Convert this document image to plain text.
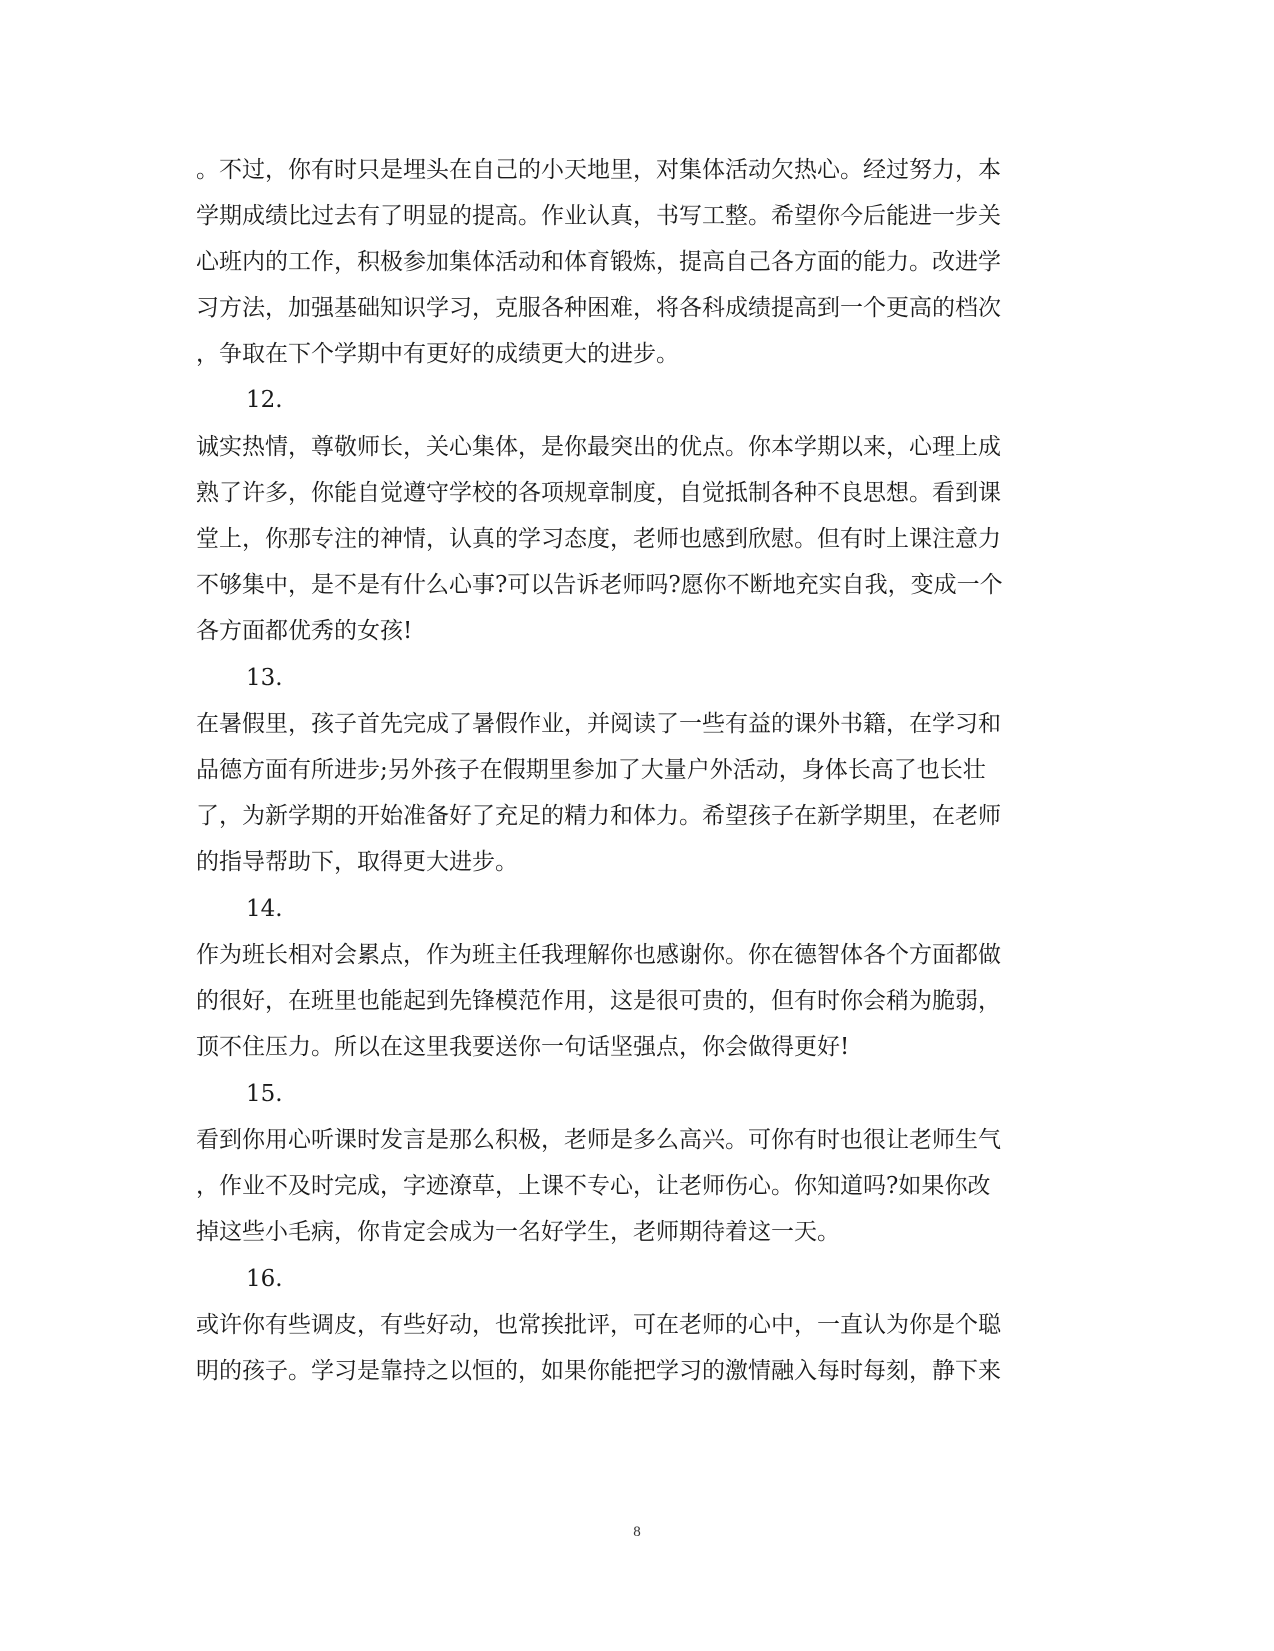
。不过，你有时只是埋头在自己的小天地里，对集体活动欠热心。经过努力，本
学期成绩比过去有了明显的提高。作业认真，书写工整。希望你今后能进一步关
心班内的工作，积极参加集体活动和体育锻炼，提高自己各方面的能力。改进学
习方法，加强基础知识学习，克服各种困难，将各科成绩提高到一个更高的档次
，争取在下个学期中有更好的成绩更大的进步。
12.
诚实热情，尊敬师长，关心集体，是你最突出的优点。你本学期以来，心理上成
熟了许多，你能自觉遵守学校的各项规章制度，自觉抵制各种不良思想。看到课
堂上，你那专注的神情，认真的学习态度，老师也感到欣慰。但有时上课注意力
不够集中，是不是有什么心事?可以告诉老师吗?愿你不断地充实自我，变成一个
各方面都优秀的女孩!
13.
在暑假里，孩子首先完成了暑假作业，并阅读了一些有益的课外书籍，在学习和
品德方面有所进步;另外孩子在假期里参加了大量户外活动，身体长高了也长壮
了，为新学期的开始准备好了充足的精力和体力。希望孩子在新学期里，在老师
的指导帮助下，取得更大进步。
14.
作为班长相对会累点，作为班主任我理解你也感谢你。你在德智体各个方面都做
的很好，在班里也能起到先锋模范作用，这是很可贵的，但有时你会稍为脆弱，
顶不住压力。所以在这里我要送你一句话坚强点，你会做得更好!
15.
看到你用心听课时发言是那么积极，老师是多么高兴。可你有时也很让老师生气
，作业不及时完成，字迹潦草，上课不专心，让老师伤心。你知道吗?如果你改
掉这些小毛病，你肯定会成为一名好学生，老师期待着这一天。
16.
或许你有些调皮，有些好动，也常挨批评，可在老师的心中，一直认为你是个聪
明的孩子。学习是靠持之以恒的，如果你能把学习的激情融入每时每刻，静下来
8
